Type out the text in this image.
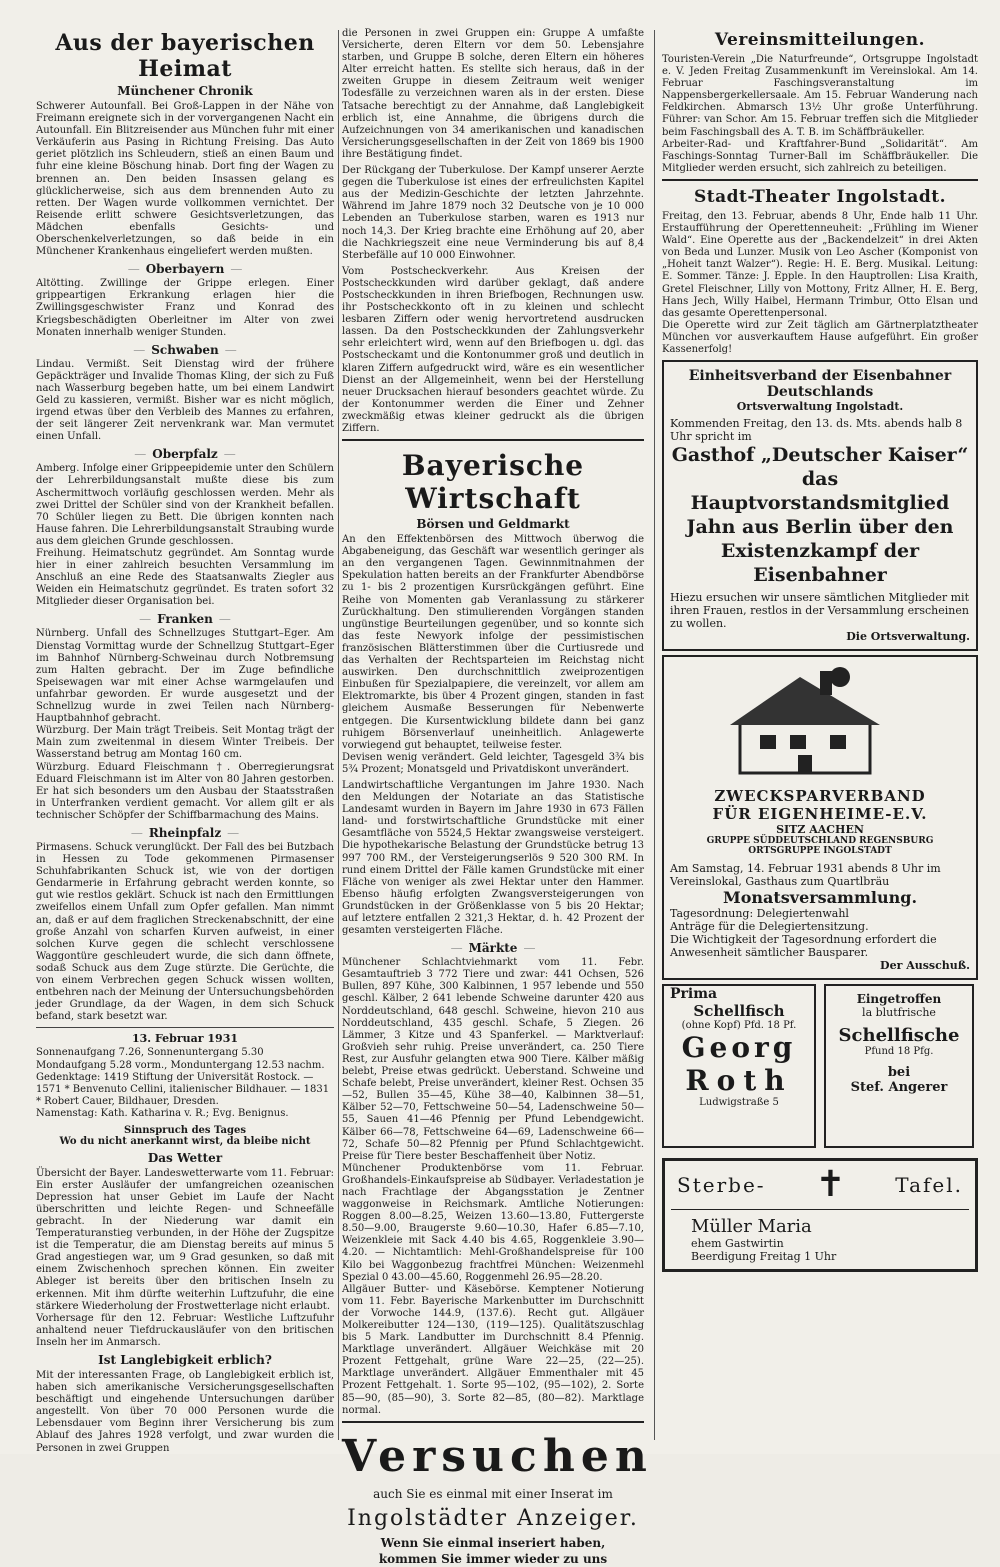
Aus der bayerischen Heimat
Münchener Chronik

Schwerer Autounfall. Bei Groß-Lappen in der Nähe von Freimann ereignete sich in der vorvergangenen Nacht ein Autounfall. Ein Blitzreisender aus München fuhr mit einer Verkäuferin aus Pasing in Richtung Freising. Das Auto geriet plötzlich ins Schleudern, stieß an einen Baum und fuhr eine kleine Böschung hinab. Dort fing der Wagen zu brennen an. Den beiden Insassen gelang es glücklicherweise, sich aus dem brennenden Auto zu retten. Der Wagen wurde vollkommen vernichtet. Der Reisende erlitt schwere Gesichtsverletzungen, das Mädchen ebenfalls Gesichts- und Oberschenkelverletzungen, so daß beide in ein Münchener Krankenhaus eingeliefert werden mußten.

— Oberbayern —

Altötting. Zwillinge der Grippe erlegen. Einer grippeartigen Erkrankung erlagen hier die Zwillingsgeschwister Franz und Konrad des Kriegsbeschädigten Oberleitner im Alter von zwei Monaten innerhalb weniger Stunden.

— Schwaben —

Lindau. Vermißt. Seit Dienstag wird der frühere Gepäckträger und Invalide Thomas Kling, der sich zu Fuß nach Wasserburg begeben hatte, um bei einem Landwirt Geld zu kassieren, vermißt. Bisher war es nicht möglich, irgend etwas über den Verbleib des Mannes zu erfahren, der seit längerer Zeit nervenkrank war. Man vermutet einen Unfall.

— Oberpfalz —

Amberg. Infolge einer Grippeepidemie unter den Schülern der Lehrerbildungsanstalt mußte diese bis zum Aschermittwoch vorläufig geschlossen werden. Mehr als zwei Drittel der Schüler sind von der Krankheit befallen. 70 Schüler liegen zu Bett. Die übrigen konnten nach Hause fahren. Die Lehrerbildungsanstalt Straubing wurde aus dem gleichen Grunde geschlossen.
Freihung. Heimatschutz gegründet. Am Sonntag wurde hier in einer zahlreich besuchten Versammlung im Anschluß an eine Rede des Staatsanwalts Ziegler aus Weiden ein Heimatschutz gegründet. Es traten sofort 32 Mitglieder dieser Organisation bei.

— Franken —

Nürnberg. Unfall des Schnellzuges Stuttgart–Eger. Am Dienstag Vormittag wurde der Schnellzug Stuttgart–Eger im Bahnhof Nürnberg-Schweinau durch Notbremsung zum Halten gebracht. Der im Zuge befindliche Speisewagen war mit einer Achse warmgelaufen und unfahrbar geworden. Er wurde ausgesetzt und der Schnellzug wurde in zwei Teilen nach Nürnberg-Hauptbahnhof gebracht.
Würzburg. Der Main trägt Treibeis. Seit Montag trägt der Main zum zweitenmal in diesem Winter Treibeis. Der Wasserstand betrug am Montag 160 cm.
Würzburg. Eduard Fleischmann †. Oberregierungsrat Eduard Fleischmann ist im Alter von 80 Jahren gestorben. Er hat sich besonders um den Ausbau der Staatsstraßen in Unterfranken verdient gemacht. Vor allem gilt er als technischer Schöpfer der Schiffbarmachung des Mains.

— Rheinpfalz —

Pirmasens. Schuck verunglückt. Der Fall des bei Butzbach in Hessen zu Tode gekommenen Pirmasenser Schuhfabrikanten Schuck ist, wie von der dortigen Gendarmerie in Erfahrung gebracht werden konnte, so gut wie restlos geklärt. Schuck ist nach den Ermittlungen zweifellos einem Unfall zum Opfer gefallen. Man nimmt an, daß er auf dem fraglichen Streckenabschnitt, der eine große Anzahl von scharfen Kurven aufweist, in einer solchen Kurve gegen die schlecht verschlossene Waggontüre geschleudert wurde, die sich dann öffnete, sodaß Schuck aus dem Zuge stürzte. Die Gerüchte, die von einem Verbrechen gegen Schuck wissen wollten, entbehren nach der Meinung der Untersuchungsbehörden jeder Grundlage, da der Wagen, in dem sich Schuck befand, stark besetzt war.

13. Februar 1931
Sonnenaufgang 7.26, Sonnenuntergang 5.30
Mondaufgang 5.28 vorm., Monduntergang 12.53 nachm.
Gedenktage: 1419 Stiftung der Universität Rostock. — 1571 * Benvenuto Cellini, italienischer Bildhauer. — 1831 * Robert Cauer, Bildhauer, Dresden.
Namenstag: Kath. Katharina v. R.; Evg. Benignus.
Sinnspruch des Tages
Wo du nicht anerkannt wirst, da bleibe nicht
Das Wetter

Übersicht der Bayer. Landeswetterwarte vom 11. Februar: Ein erster Ausläufer der umfangreichen ozeanischen Depression hat unser Gebiet im Laufe der Nacht überschritten und leichte Regen- und Schneefälle gebracht. In der Niederung war damit ein Temperaturanstieg verbunden, in der Höhe der Zugspitze ist die Temperatur, die am Dienstag bereits auf minus 5 Grad angestiegen war, um 9 Grad gesunken, so daß mit einem Zwischenhoch sprechen können. Ein zweiter Ableger ist bereits über den britischen Inseln zu erkennen. Mit ihm dürfte weiterhin Luftzufuhr, die eine stärkere Wiederholung der Frostwetterlage nicht erlaubt.
Vorhersage für den 12. Februar: Westliche Luftzufuhr anhaltend neuer Tiefdruckausläufer von den britischen Inseln her im Anmarsch.

Ist Langlebigkeit erblich?

Mit der interessanten Frage, ob Langlebigkeit erblich ist, haben sich amerikanische Versicherungsgesellschaften beschäftigt und eingehende Untersuchungen darüber angestellt. Von über 70 000 Personen wurde die Lebensdauer vom Beginn ihrer Versicherung bis zum Ablauf des Jahres 1928 verfolgt, und zwar wurden die Personen in zwei Gruppen

die Personen in zwei Gruppen ein: Gruppe A umfaßte Versicherte, deren Eltern vor dem 50. Lebensjahre starben, und Gruppe B solche, deren Eltern ein höheres Alter erreicht hatten. Es stellte sich heraus, daß in der zweiten Gruppe in diesem Zeitraum weit weniger Todesfälle zu verzeichnen waren als in der ersten. Diese Tatsache berechtigt zu der Annahme, daß Langlebigkeit erblich ist, eine Annahme, die übrigens durch die Aufzeichnungen von 34 amerikanischen und kanadischen Versicherungsgesellschaften in der Zeit von 1869 bis 1900 ihre Bestätigung findet.

Der Rückgang der Tuberkulose. Der Kampf unserer Aerzte gegen die Tuberkulose ist eines der erfreulichsten Kapitel aus der Medizin-Geschichte der letzten Jahrzehnte. Während im Jahre 1879 noch 32 Deutsche von je 10 000 Lebenden an Tuberkulose starben, waren es 1913 nur noch 14,3. Der Krieg brachte eine Erhöhung auf 20, aber die Nachkriegszeit eine neue Verminderung bis auf 8,4 Sterbefälle auf 10 000 Einwohner.

Vom Postscheckverkehr. Aus Kreisen der Postscheckkunden wird darüber geklagt, daß andere Postscheckkunden in ihren Briefbogen, Rechnungen usw. ihr Postscheckkonto oft in zu kleinen und schlecht lesbaren Ziffern oder wenig hervortretend ausdrucken lassen. Da den Postscheckkunden der Zahlungsverkehr sehr erleichtert wird, wenn auf den Briefbogen u. dgl. das Postscheckamt und die Kontonummer groß und deutlich in klaren Ziffern aufgedruckt wird, wäre es ein wesentlicher Dienst an der Allgemeinheit, wenn bei der Herstellung neuer Drucksachen hierauf besonders geachtet würde. Zu der Kontonummer werden die Einer und Zehner zweckmäßig etwas kleiner gedruckt als die übrigen Ziffern.

Bayerische Wirtschaft
Börsen und Geldmarkt

An den Effektenbörsen des Mittwoch überwog die Abgabeneigung, das Geschäft war wesentlich geringer als an den vergangenen Tagen. Gewinnmitnahmen der Spekulation hatten bereits an der Frankfurter Abendbörse zu 1- bis 2 prozentigen Kursrückgängen geführt. Eine Reihe von Momenten gab Veranlassung zu stärkerer Zurückhaltung. Den stimulierenden Vorgängen standen ungünstige Beurteilungen gegenüber, und so konnte sich das feste Newyork infolge der pessimistischen französischen Blätterstimmen über die Curtiusrede und das Verhalten der Rechtsparteien im Reichstag nicht auswirken. Den durchschnittlich zweiprozentigen Einbußen für Spezialpapiere, die vereinzelt, vor allem am Elektromarkte, bis über 4 Prozent gingen, standen in fast gleichem Ausmaße Besserungen für Nebenwerte entgegen. Die Kursentwicklung bildete dann bei ganz ruhigem Börsenverlauf uneinheitlich. Anlagewerte vorwiegend gut behauptet, teilweise fester.
Devisen wenig verändert. Geld leichter, Tagesgeld 3¾ bis 5¾ Prozent; Monatsgeld und Privatdiskont unverändert.

Landwirtschaftliche Vergantungen im Jahre 1930. Nach den Meldungen der Notariate an das Statistische Landesamt wurden in Bayern im Jahre 1930 in 673 Fällen land- und forstwirtschaftliche Grundstücke mit einer Gesamtfläche von 5524,5 Hektar zwangsweise versteigert. Die hypothekarische Belastung der Grundstücke betrug 13 997 700 RM., der Versteigerungserlös 9 520 300 RM. In rund einem Drittel der Fälle kamen Grundstücke mit einer Fläche von weniger als zwei Hektar unter den Hammer. Ebenso häufig erfolgten Zwangsversteigerungen von Grundstücken in der Größenklasse von 5 bis 20 Hektar; auf letztere entfallen 2 321,3 Hektar, d. h. 42 Prozent der gesamten versteigerten Fläche.

— Märkte —

Münchener Schlachtviehmarkt vom 11. Febr. Gesamtauftrieb 3 772 Tiere und zwar: 441 Ochsen, 526 Bullen, 897 Kühe, 300 Kalbinnen, 1 957 lebende und 550 geschl. Kälber, 2 641 lebende Schweine darunter 420 aus Norddeutschland, 648 geschl. Schweine, hievon 210 aus Norddeutschland, 435 geschl. Schafe, 5 Ziegen. 26 Lämmer, 3 Kitze und 43 Spanferkel. — Marktverlauf: Großvieh sehr ruhig. Preise unverändert, ca. 250 Tiere Rest, zur Ausfuhr gelangten etwa 900 Tiere. Kälber mäßig belebt, Preise etwas gedrückt. Ueberstand. Schweine und Schafe belebt, Preise unverändert, kleiner Rest. Ochsen 35—52, Bullen 35—45, Kühe 38—40, Kalbinnen 38—51, Kälber 52—70, Fettschweine 50—54, Ladenschweine 50—55, Sauen 41—46 Pfennig per Pfund Lebendgewicht. Kälber 66—78, Fettschweine 64—69, Ladenschweine 66—72, Schafe 50—82 Pfennig per Pfund Schlachtgewicht. Preise für Tiere bester Beschaffenheit über Notiz.
Münchener Produktenbörse vom 11. Februar. Großhandels-Einkaufspreise ab Südbayer. Verladestation je nach Frachtlage der Abgangsstation je Zentner waggonweise in Reichsmark. Amtliche Notierungen: Roggen 8.00—8.25, Weizen 13.60—13.80, Futtergerste 8.50—9.00, Braugerste 9.60—10.30, Hafer 6.85—7.10, Weizenkleie mit Sack 4.40 bis 4.65, Roggenkleie 3.90—4.20. — Nichtamtlich: Mehl-Großhandelspreise für 100 Kilo bei Waggonbezug frachtfrei München: Weizenmehl Spezial 0 43.00—45.60, Roggenmehl 26.95—28.20.
Allgäuer Butter- und Käsebörse. Kemptener Notierung vom 11. Febr. Bayerische Markenbutter im Durchschnitt der Vorwoche 144.9, (137.6). Recht gut. Allgäuer Molkereibutter 124—130, (119—125). Qualitätszuschlag bis 5 Mark. Landbutter im Durchschnitt 8.4 Pfennig. Marktlage unverändert. Allgäuer Weichkäse mit 20 Prozent Fettgehalt, grüne Ware 22—25, (22—25). Marktlage unverändert. Allgäuer Emmenthaler mit 45 Prozent Fettgehalt. 1. Sorte 95—102, (95—102), 2. Sorte 85—90, (85—90), 3. Sorte 82—85, (80—82). Marktlage normal.

Versuchen
auch Sie es einmal mit einer Inserat im
Ingolstädter Anzeiger.
Wenn Sie einmal inseriert haben,
kommen Sie immer wieder zu uns
Vereinsmitteilungen.

Touristen-Verein „Die Naturfreunde“, Ortsgruppe Ingolstadt e. V. Jeden Freitag Zusammenkunft im Vereinslokal. Am 14. Februar Faschingsveranstaltung im Nappensbergerkellersaale. Am 15. Februar Wanderung nach Feldkirchen. Abmarsch 13½ Uhr große Unterführung. Führer: van Schor. Am 15. Februar treffen sich die Mitglieder beim Faschingsball des A. T. B. im Schäffbräukeller.
Arbeiter-Rad- und Kraftfahrer-Bund „Solidarität“. Am Faschings-Sonntag Turner-Ball im Schäffbräukeller. Die Mitglieder werden ersucht, sich zahlreich zu beteiligen.

Stadt-Theater Ingolstadt.

Freitag, den 13. Februar, abends 8 Uhr, Ende halb 11 Uhr. Erstaufführung der Operettenneuheit: „Frühling im Wiener Wald“. Eine Operette aus der „Backendelzeit“ in drei Akten von Beda und Lunzer. Musik von Leo Ascher (Komponist von „Hoheit tanzt Walzer“). Regie: H. E. Berg. Musikal. Leitung: E. Sommer. Tänze: J. Epple. In den Hauptrollen: Lisa Kraith, Gretel Fleischner, Lilly von Mottony, Fritz Allner, H. E. Berg, Hans Jech, Willy Haibel, Hermann Trimbur, Otto Elsan und das gesamte Operettenpersonal.
Die Operette wird zur Zeit täglich am Gärtnerplatztheater München vor ausverkauftem Hause aufgeführt. Ein großer Kassenerfolg!

Einheitsverband der Eisenbahner Deutschlands
Ortsverwaltung Ingolstadt.
Kommenden Freitag, den 13. ds. Mts. abends halb 8 Uhr spricht im
Gasthof „Deutscher Kaiser“ das Hauptvorstandsmitglied Jahn aus Berlin über den Existenzkampf der Eisenbahner
Hiezu ersuchen wir unsere sämtlichen Mitglieder mit ihren Frauen, restlos in der Versammlung erscheinen zu wollen.
Die Ortsverwaltung.
ZWECKSPARVERBAND
FÜR EIGENHEIME-E.V.
SITZ AACHEN
GRUPPE SÜDDEUTSCHLAND REGENSBURG
ORTSGRUPPE INGOLSTADT
Am Samstag, 14. Februar 1931 abends 8 Uhr im Vereinslokal, Gasthaus zum Quartlbräu
Monatsversammlung.
Tagesordnung: Delegiertenwahl
Anträge für die Delegiertensitzung.
Die Wichtigkeit der Tagesordnung erfordert die Anwesenheit sämtlicher Bausparer.
Der Ausschuß.
Prima
Schellfisch
(ohne Kopf) Pfd. 18 Pf.
Georg
Roth
Ludwigstraße 5
Eingetroffen
la blutfrische
Schellfische
Pfund 18 Pfg.
bei
Stef. Angerer
Sterbe- ✝ Tafel.
Müller Maria
ehem Gastwirtin
Beerdigung Freitag 1 Uhr
